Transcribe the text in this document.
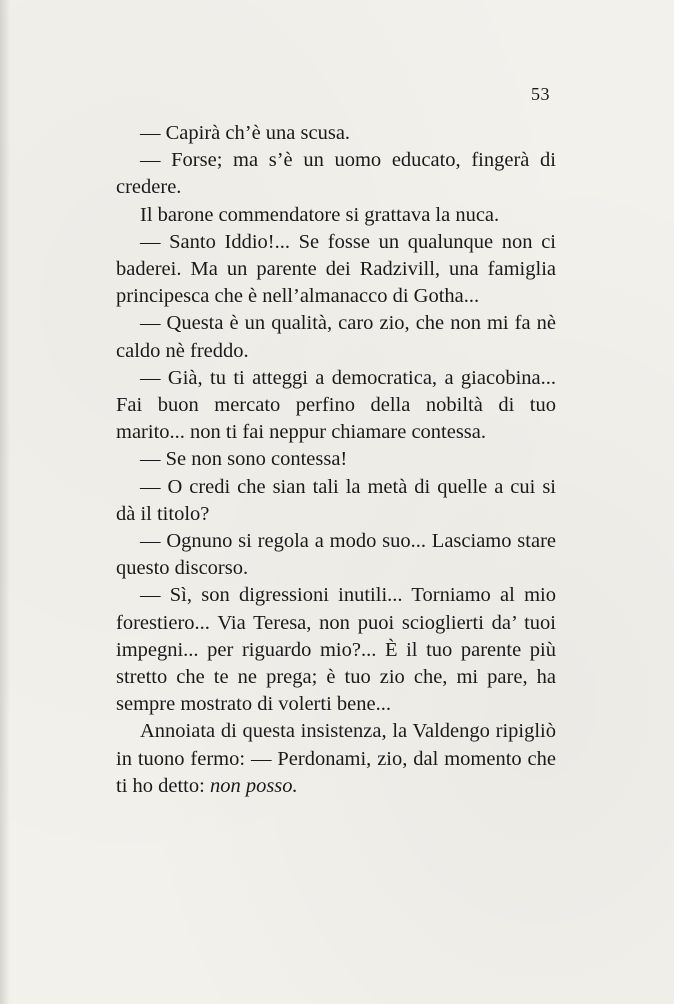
53

— Capirà ch’è una scusa.

— Forse; ma s’è un uomo educato, fingerà di credere.

Il barone commendatore si grattava la nuca.

— Santo Iddio!... Se fosse un qualunque non ci baderei. Ma un parente dei Radzivill, una famiglia principesca che è nell’almanacco di Gotha...

— Questa è un qualità, caro zio, che non mi fa nè caldo nè freddo.

— Già, tu ti atteggi a democratica, a giacobina... Fai buon mercato perfino della nobiltà di tuo marito... non ti fai neppur chiamare contessa.

— Se non sono contessa!

— O credi che sian tali la metà di quelle a cui si dà il titolo?

— Ognuno si regola a modo suo... Lasciamo stare questo discorso.

— Sì, son digressioni inutili... Torniamo al mio forestiero... Via Teresa, non puoi scioglierti da’ tuoi impegni... per riguardo mio?... È il tuo parente più stretto che te ne prega; è tuo zio che, mi pare, ha sempre mostrato di volerti bene...

Annoiata di questa insistenza, la Valdengo ripigliò in tuono fermo: — Perdonami, zio, dal momento che ti ho detto: non posso.
